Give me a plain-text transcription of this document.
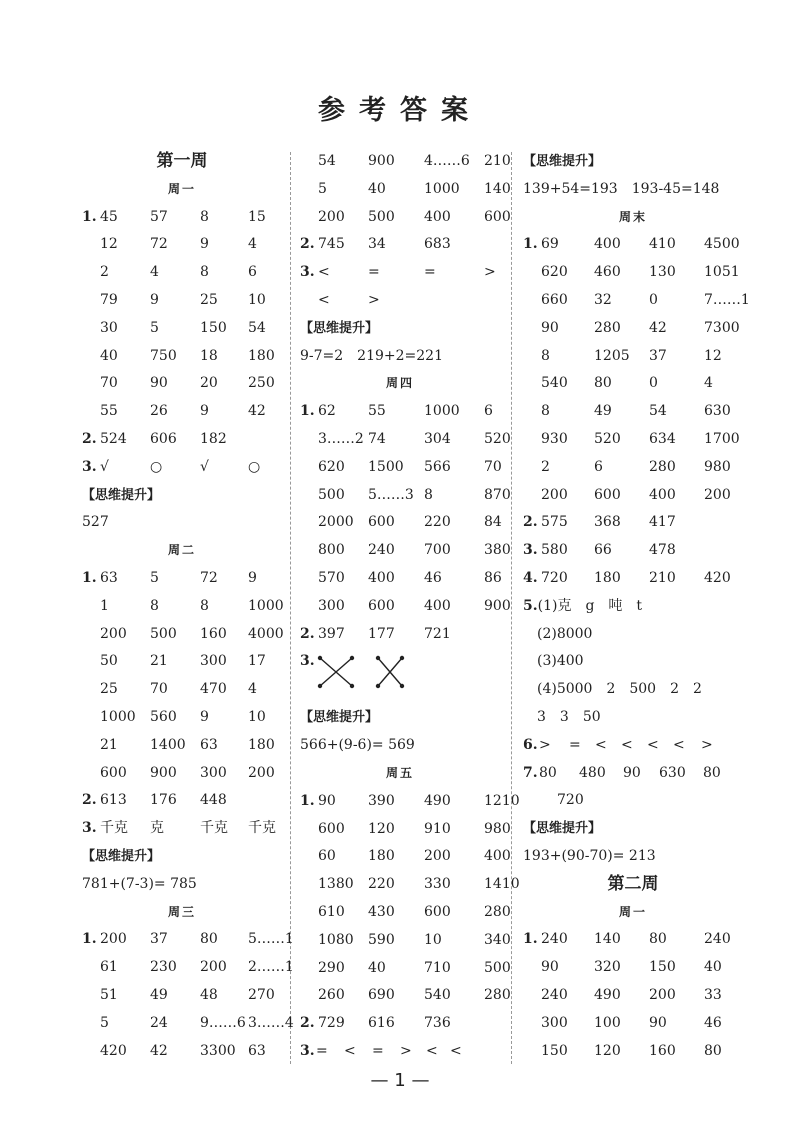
参考答案
第一周
周一
1. 45 57 8	15
12 72 9	4
2	4	8	6
79 9	25 10
30 5	150 54
40 750 18 180
70 90 20 250
55 26 9	42
2. 524 606 182
3. √	○	√	○
【思维提升】
527
周二
1. 63 5	72 9
1	8	8	1000
200 500 160 4000
50 21 300 17
25 70 470 4
1000 560 9	10
21 1400 63 180
600 900 300 200
2. 613 176 448
3. 千克 克	千克 千克
【思维提升】
781+(7-3)= 785
周三
1. 200 37 80 5……1
61 230 200 2……1
51 49 48 270
5	24 9……6 3……4
420 42 3300 63
54 900 4……6 210
5	40	1000 140
200 500 400 600
2. 745 34	683
3. <	=	=	>
<	>
【思维提升】
9-7=2　219+2=221
周四
1. 62 55	1000 6
3……2 74	304 520
620 1500 566 70
500 5……3 8	870
2000 600 220 84
800 240 700 380
570 400 46	86
300 600 400 900
2. 397 177 721
3.
【思维提升】
566+(9-6)= 569
周五
1. 90 390 490 1210
600 120 910 980
60 180 200 400
1380 220 330 1410
610 430 600 280
1080 590 10	340
290 40	710 500
260 690 540 280
2. 729 616 736
3. = < = > < <
【思维提升】
139+54=193　193-45=148
周末
1. 69	400 410 4500
620 460 130 1051
660 32	0	7……1
90	280 42	7300
8	1205 37	12
540 80	0	4
8	49	54	630
930 520 634 1700
2	6	280 980
200 600 400 200
2. 575 368 417
3. 580 66	478
4. 720 180 210 420
5.(1)克　g　吨　t
(2)8000
(3)400
(4)5000　2　500　2　2
3　3　50
6. > = < < < < >
7. 80 480 90 630 80
720
【思维提升】
193+(90-70)= 213
第二周
周一
1. 240 140 80	240
90	320 150 40
240 490 200 33
300 100 90	46
150 120 160 80
— 1 —
